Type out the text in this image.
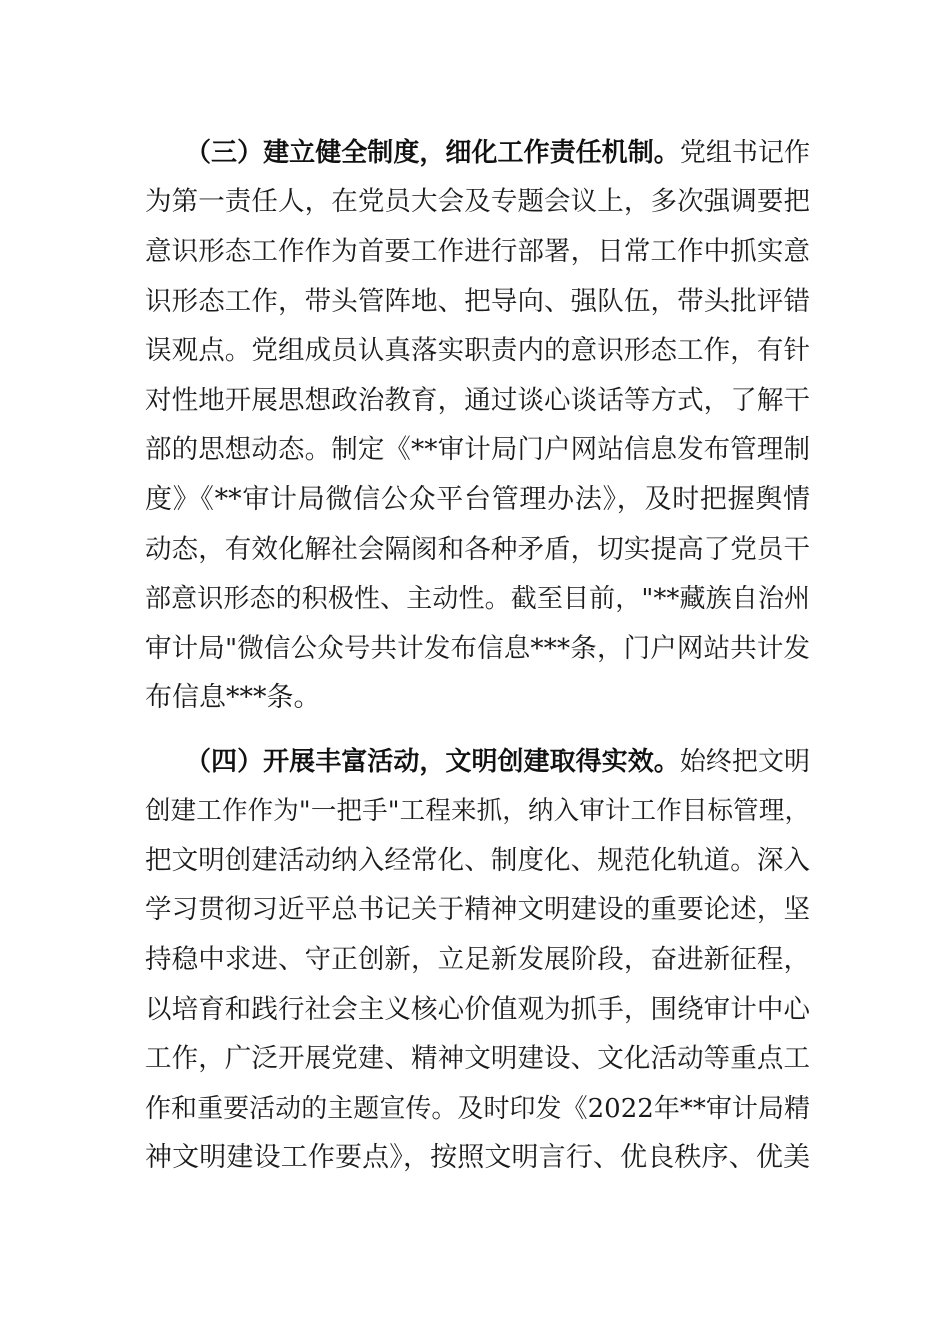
（三）建立健全制度，细化工作责任机制。党组书记作
为第一责任人，在党员大会及专题会议上，多次强调要把
意识形态工作作为首要工作进行部署，日常工作中抓实意
识形态工作，带头管阵地、把导向、强队伍，带头批评错
误观点。党组成员认真落实职责内的意识形态工作，有针
对性地开展思想政治教育，通过谈心谈话等方式，了解干
部的思想动态。制定《**审计局门户网站信息发布管理制
度》《**审计局微信公众平台管理办法》，及时把握舆情
动态，有效化解社会隔阂和各种矛盾，切实提高了党员干
部意识形态的积极性、主动性。截至目前，"**藏族自治州
审计局"微信公众号共计发布信息***条，门户网站共计发
布信息***条。
（四）开展丰富活动，文明创建取得实效。始终把文明
创建工作作为"一把手"工程来抓，纳入审计工作目标管理，
把文明创建活动纳入经常化、制度化、规范化轨道。深入
学习贯彻习近平总书记关于精神文明建设的重要论述，坚
持稳中求进、守正创新，立足新发展阶段，奋进新征程，
以培育和践行社会主义核心价值观为抓手，围绕审计中心
工作，广泛开展党建、精神文明建设、文化活动等重点工
作和重要活动的主题宣传。及时印发《2022年**审计局精
神文明建设工作要点》，按照文明言行、优良秩序、优美
